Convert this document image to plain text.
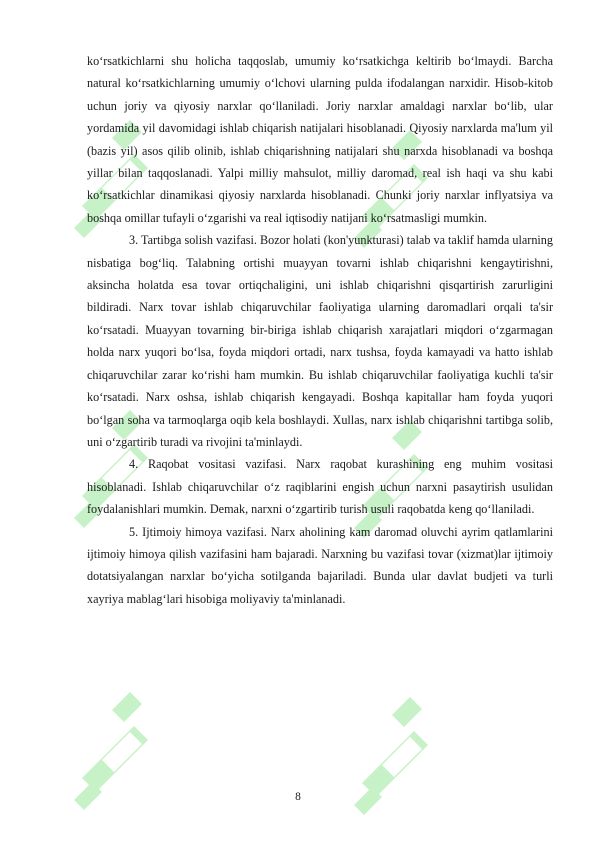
ko‘rsatkichlarni shu holicha taqqoslab, umumiy ko‘rsatkichga keltirib bo‘lmaydi. Barcha natural ko‘rsatkichlarning umumiy o‘lchovi ularning pulda ifodalangan narxidir. Hisob-kitob uchun joriy va qiyosiy narxlar qo‘llaniladi. Joriy narxlar amaldagi narxlar bo‘lib, ular yordamida yil davomidagi ishlab chiqarish natijalari hisoblanadi. Qiyosiy narxlarda ma'lum yil (bazis yil) asos qilib olinib, ishlab chiqarishning natijalari shu narxda hisoblanadi va boshqa yillar bilan taqqoslanadi. Yalpi milliy mahsulot, milliy daromad, real ish haqi va shu kabi ko‘rsatkichlar dinamikasi qiyosiy narxlarda hisoblanadi. Chunki joriy narxlar inflyatsiya va boshqa omillar tufayli o‘zgarishi va real iqtisodiy natijani ko‘rsatmasligi mumkin.

3. Tartibga solish vazifasi. Bozor holati (kon'yunkturasi) talab va taklif hamda ularning nisbatiga bog‘liq. Talabning ortishi muayyan tovarni ishlab chiqarishni kengaytirishni, aksincha holatda esa tovar ortiqchaligini, uni ishlab chiqarishni qisqartirish zarurligini bildiradi. Narx tovar ishlab chiqaruvchilar faoliyatiga ularning daromadlari orqali ta'sir ko‘rsatadi. Muayyan tovarning bir-biriga ishlab chiqarish xarajatlari miqdori o‘zgarmagan holda narx yuqori bo‘lsa, foyda miqdori ortadi, narx tushsa, foyda kamayadi va hatto ishlab chiqaruvchilar zarar ko‘rishi ham mumkin. Bu ishlab chiqaruvchilar faoliyatiga kuchli ta'sir ko‘rsatadi. Narx oshsa, ishlab chiqarish kengayadi. Boshqa kapitallar ham foyda yuqori bo‘lgan soha va tarmoqlarga oqib kela boshlaydi. Xullas, narx ishlab chiqarishni tartibga solib, uni o‘zgartirib turadi va rivojini ta'minlaydi.

4. Raqobat vositasi vazifasi. Narx raqobat kurashining eng muhim vositasi hisoblanadi. Ishlab chiqaruvchilar o‘z raqiblarini engish uchun narxni pasaytirish usulidan foydalanishlari mumkin. Demak, narxni o‘zgartirib turish usuli raqobatda keng qo‘llaniladi.

5. Ijtimoiy himoya vazifasi. Narx aholining kam daromad oluvchi ayrim qatlamlarini ijtimoiy himoya qilish vazifasini ham bajaradi. Narxning bu vazifasi tovar (xizmat)lar ijtimoiy dotatsiyalangan narxlar bo‘yicha sotilganda bajariladi. Bunda ular davlat budjeti va turli xayriya mablag‘lari hisobiga moliyaviy ta'minlanadi.

8
